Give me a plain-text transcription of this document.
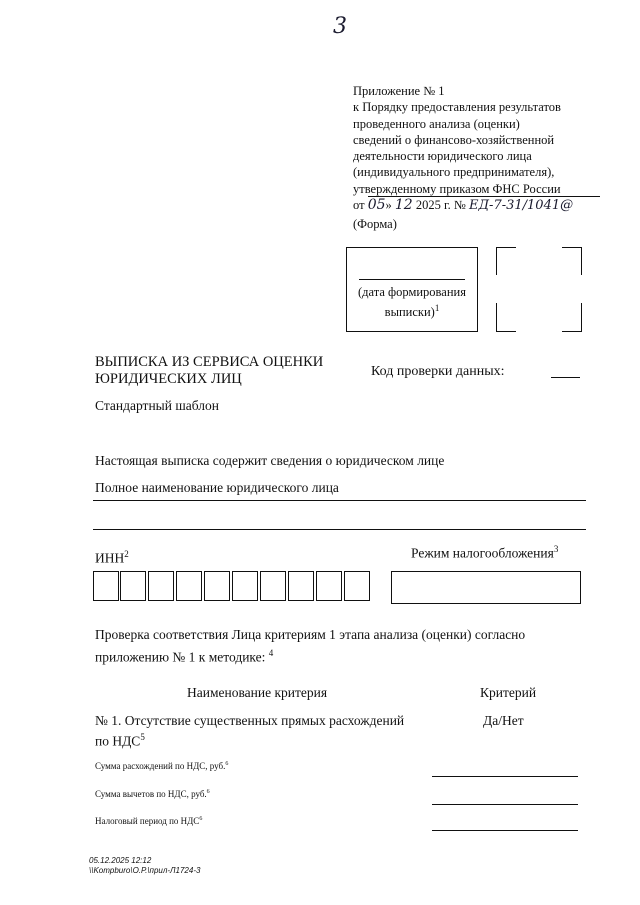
3
Приложение № 1
к Порядку предоставления результатов
проведенного анализа (оценки)
сведений о финансово-хозяйственной
деятельности юридического лица
(индивидуального предпринимателя),
утвержденному приказом ФНС России
от 05» 12 2025 г. № ЕД-7-31/1041@
(Форма)
(дата формирования
выписки)$^1$
ВЫПИСКА ИЗ СЕРВИСА ОЦЕНКИ
ЮРИДИЧЕСКИХ ЛИЦ	Код проверки данных:
Стандартный шаблон
Настоящая выписка содержит сведения о юридическом лице
Полное наименование юридического лица
ИНН$^2$	Режим налогообложения$^3$
Проверка соответствия Лица критериям 1 этапа анализа (оценки) согласно
приложению № 1 к методике: $^4$
Наименование критерия	Критерий
№ 1. Отсутствие существенных прямых расхождений
по НДС$^5$
Да/Нет
Сумма расхождений по НДС, руб.$^6$
Сумма вычетов по НДС, руб.$^6$
Налоговый период по НДС$^6$
05.12.2025 12:12
\\Kompburo\О.Р.\прил-Л1724-3
